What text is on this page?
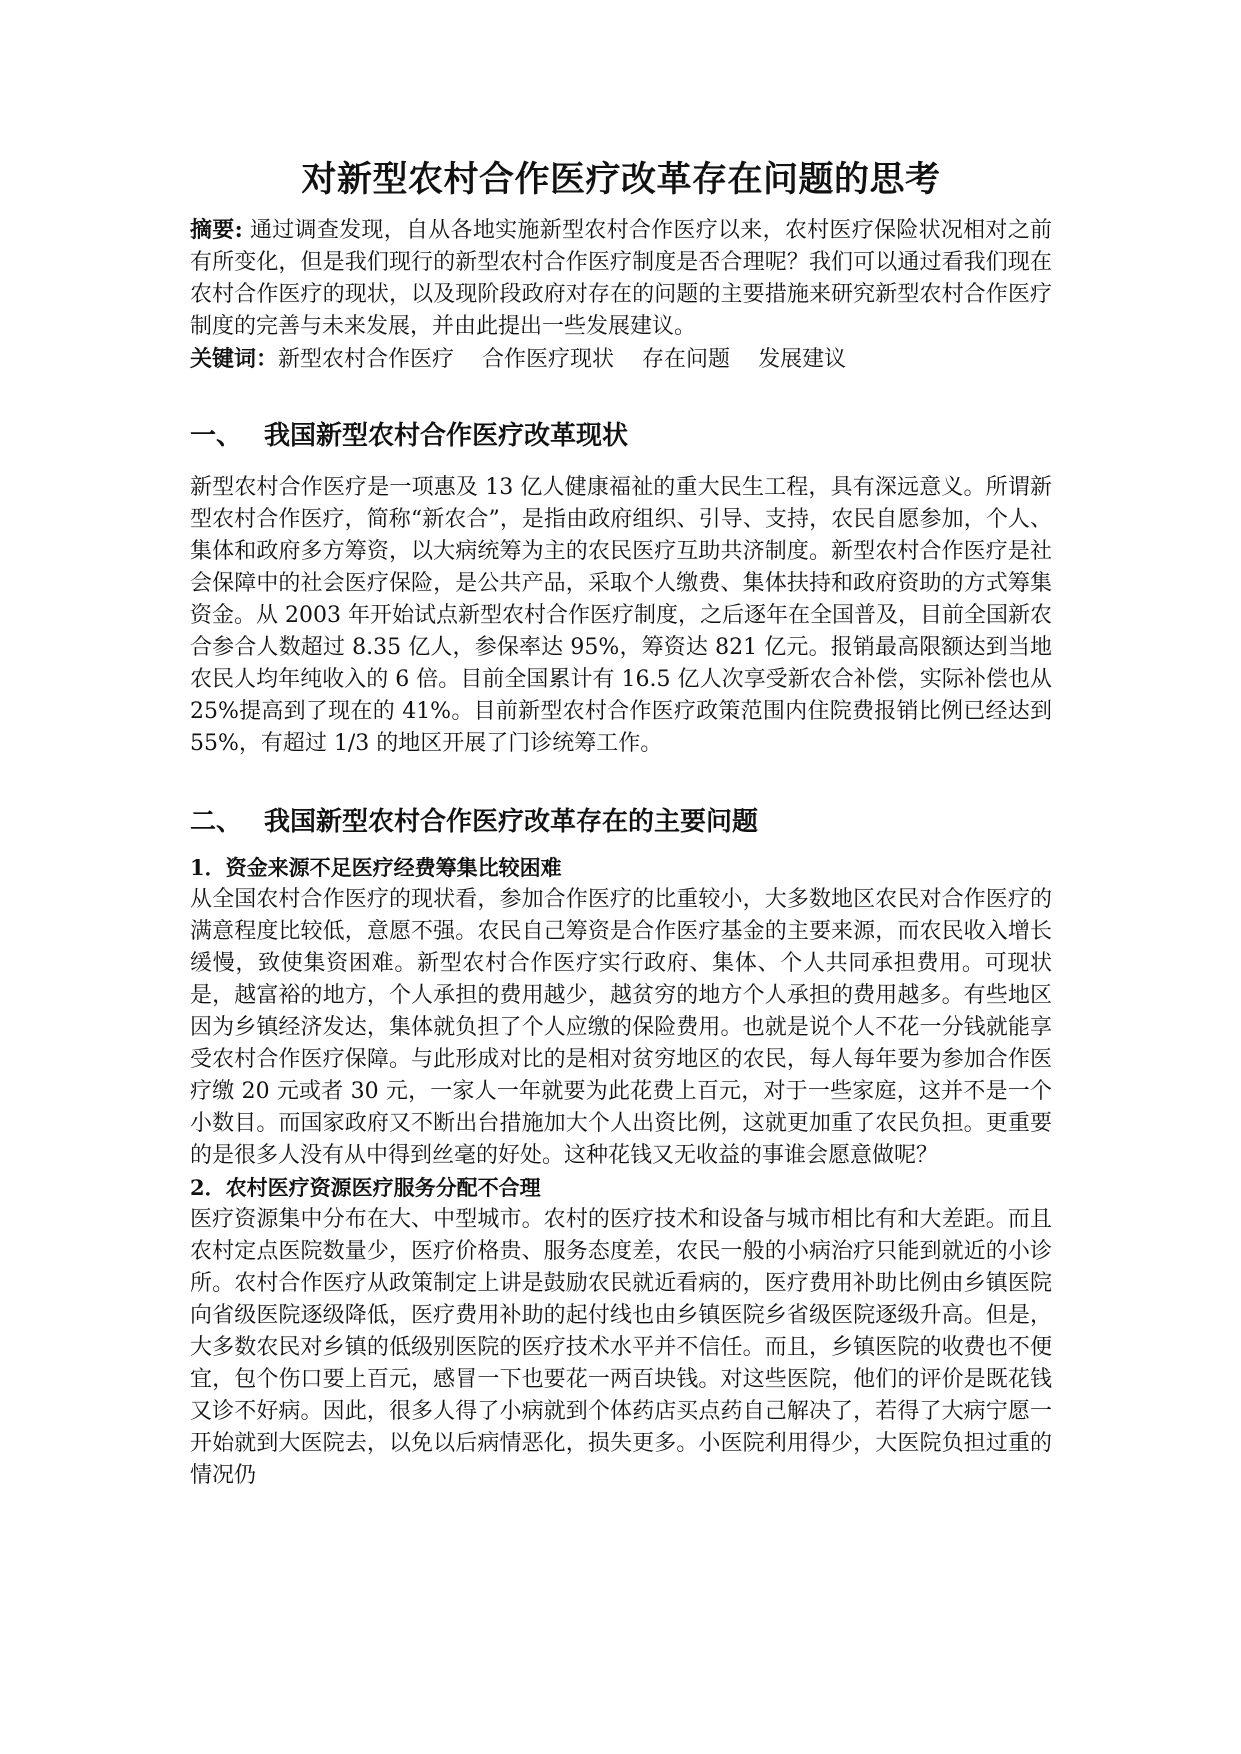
对新型农村合作医疗改革存在问题的思考

摘要: 通过调查发现，自从各地实施新型农村合作医疗以来，农村医疗保险状况相对之前有所变化，但是我们现行的新型农村合作医疗制度是否合理呢？我们可以通过看我们现在农村合作医疗的现状，以及现阶段政府对存在的问题的主要措施来研究新型农村合作医疗制度的完善与未来发展，并由此提出一些发展建议。

关键词：新型农村合作医疗 合作医疗现状 存在问题 发展建议

一、 我国新型农村合作医疗改革现状

新型农村合作医疗是一项惠及 13 亿人健康福祉的重大民生工程，具有深远意义。所谓新型农村合作医疗，简称“新农合”，是指由政府组织、引导、支持，农民自愿参加，个人、集体和政府多方筹资，以大病统筹为主的农民医疗互助共济制度。新型农村合作医疗是社会保障中的社会医疗保险，是公共产品，采取个人缴费、集体扶持和政府资助的方式筹集资金。从 2003 年开始试点新型农村合作医疗制度，之后逐年在全国普及，目前全国新农合参合人数超过 8.35 亿人，参保率达 95%，筹资达 821 亿元。报销最高限额达到当地农民人均年纯收入的 6 倍。目前全国累计有 16.5 亿人次享受新农合补偿，实际补偿也从 25%提高到了现在的 41%。目前新型农村合作医疗政策范围内住院费报销比例已经达到 55%，有超过 1/3 的地区开展了门诊统筹工作。

二、 我国新型农村合作医疗改革存在的主要问题
1．资金来源不足医疗经费筹集比较困难

从全国农村合作医疗的现状看，参加合作医疗的比重较小，大多数地区农民对合作医疗的满意程度比较低，意愿不强。农民自己筹资是合作医疗基金的主要来源，而农民收入增长缓慢，致使集资困难。新型农村合作医疗实行政府、集体、个人共同承担费用。可现状是，越富裕的地方，个人承担的费用越少，越贫穷的地方个人承担的费用越多。有些地区因为乡镇经济发达，集体就负担了个人应缴的保险费用。也就是说个人不花一分钱就能享受农村合作医疗保障。与此形成对比的是相对贫穷地区的农民，每人每年要为参加合作医疗缴 20 元或者 30 元，一家人一年就要为此花费上百元，对于一些家庭，这并不是一个小数目。而国家政府又不断出台措施加大个人出资比例，这就更加重了农民负担。更重要的是很多人没有从中得到丝毫的好处。这种花钱又无收益的事谁会愿意做呢？

2．农村医疗资源医疗服务分配不合理

医疗资源集中分布在大、中型城市。农村的医疗技术和设备与城市相比有和大差距。而且农村定点医院数量少，医疗价格贵、服务态度差，农民一般的小病治疗只能到就近的小诊所。农村合作医疗从政策制定上讲是鼓励农民就近看病的，医疗费用补助比例由乡镇医院向省级医院逐级降低，医疗费用补助的起付线也由乡镇医院乡省级医院逐级升高。但是，大多数农民对乡镇的低级别医院的医疗技术水平并不信任。而且，乡镇医院的收费也不便宜，包个伤口要上百元，感冒一下也要花一两百块钱。对这些医院，他们的评价是既花钱又诊不好病。因此，很多人得了小病就到个体药店买点药自己解决了，若得了大病宁愿一开始就到大医院去，以免以后病情恶化，损失更多。小医院利用得少，大医院负担过重的情况仍
